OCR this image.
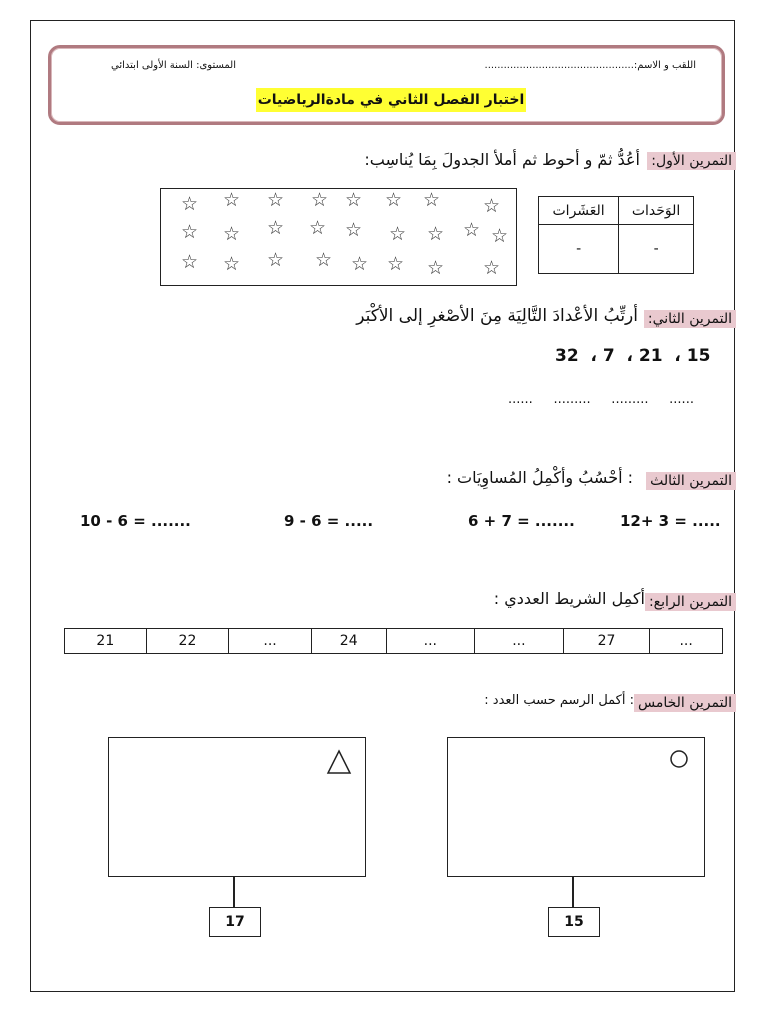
اللقب و الاسم:...............................................
المستوى: السنة الأولى ابتدائي
اختبار الفصل الثاني في مادةالرياضيات
التمرين الأول:
أعُدُّ ثمّ و أحوط ثم أملأ الجدولَ بِمَا يُناسِب:
☆ ☆ ☆ ☆ ☆ ☆ ☆ ☆
☆ ☆ ☆ ☆ ☆ ☆ ☆ ☆ ☆
☆ ☆ ☆ ☆ ☆ ☆ ☆ ☆
العَشَرات	الوَحَدات
-	-
التمرين الثاني:
أرتِّبُ الأعْدادَ التَّالِيَة مِنَ الأصْغرِ إلى الأكْبَر
32  ، 7  ، 21  ، 15
......     .........     .........     ......
التمرين الثالث
: أحْسُبُ وأكْمِلُ المُساوِيَات :
10 - 6 = .......	9 - 6 = .....	6 + 7 = .......	12+ 3 = .....
التمرين الرابع:
أكمِل الشريط العددي :
21	22	...	24	...	...	27	...
التمرين الخامس
: أكمل الرسم حسب العدد :
17	15
